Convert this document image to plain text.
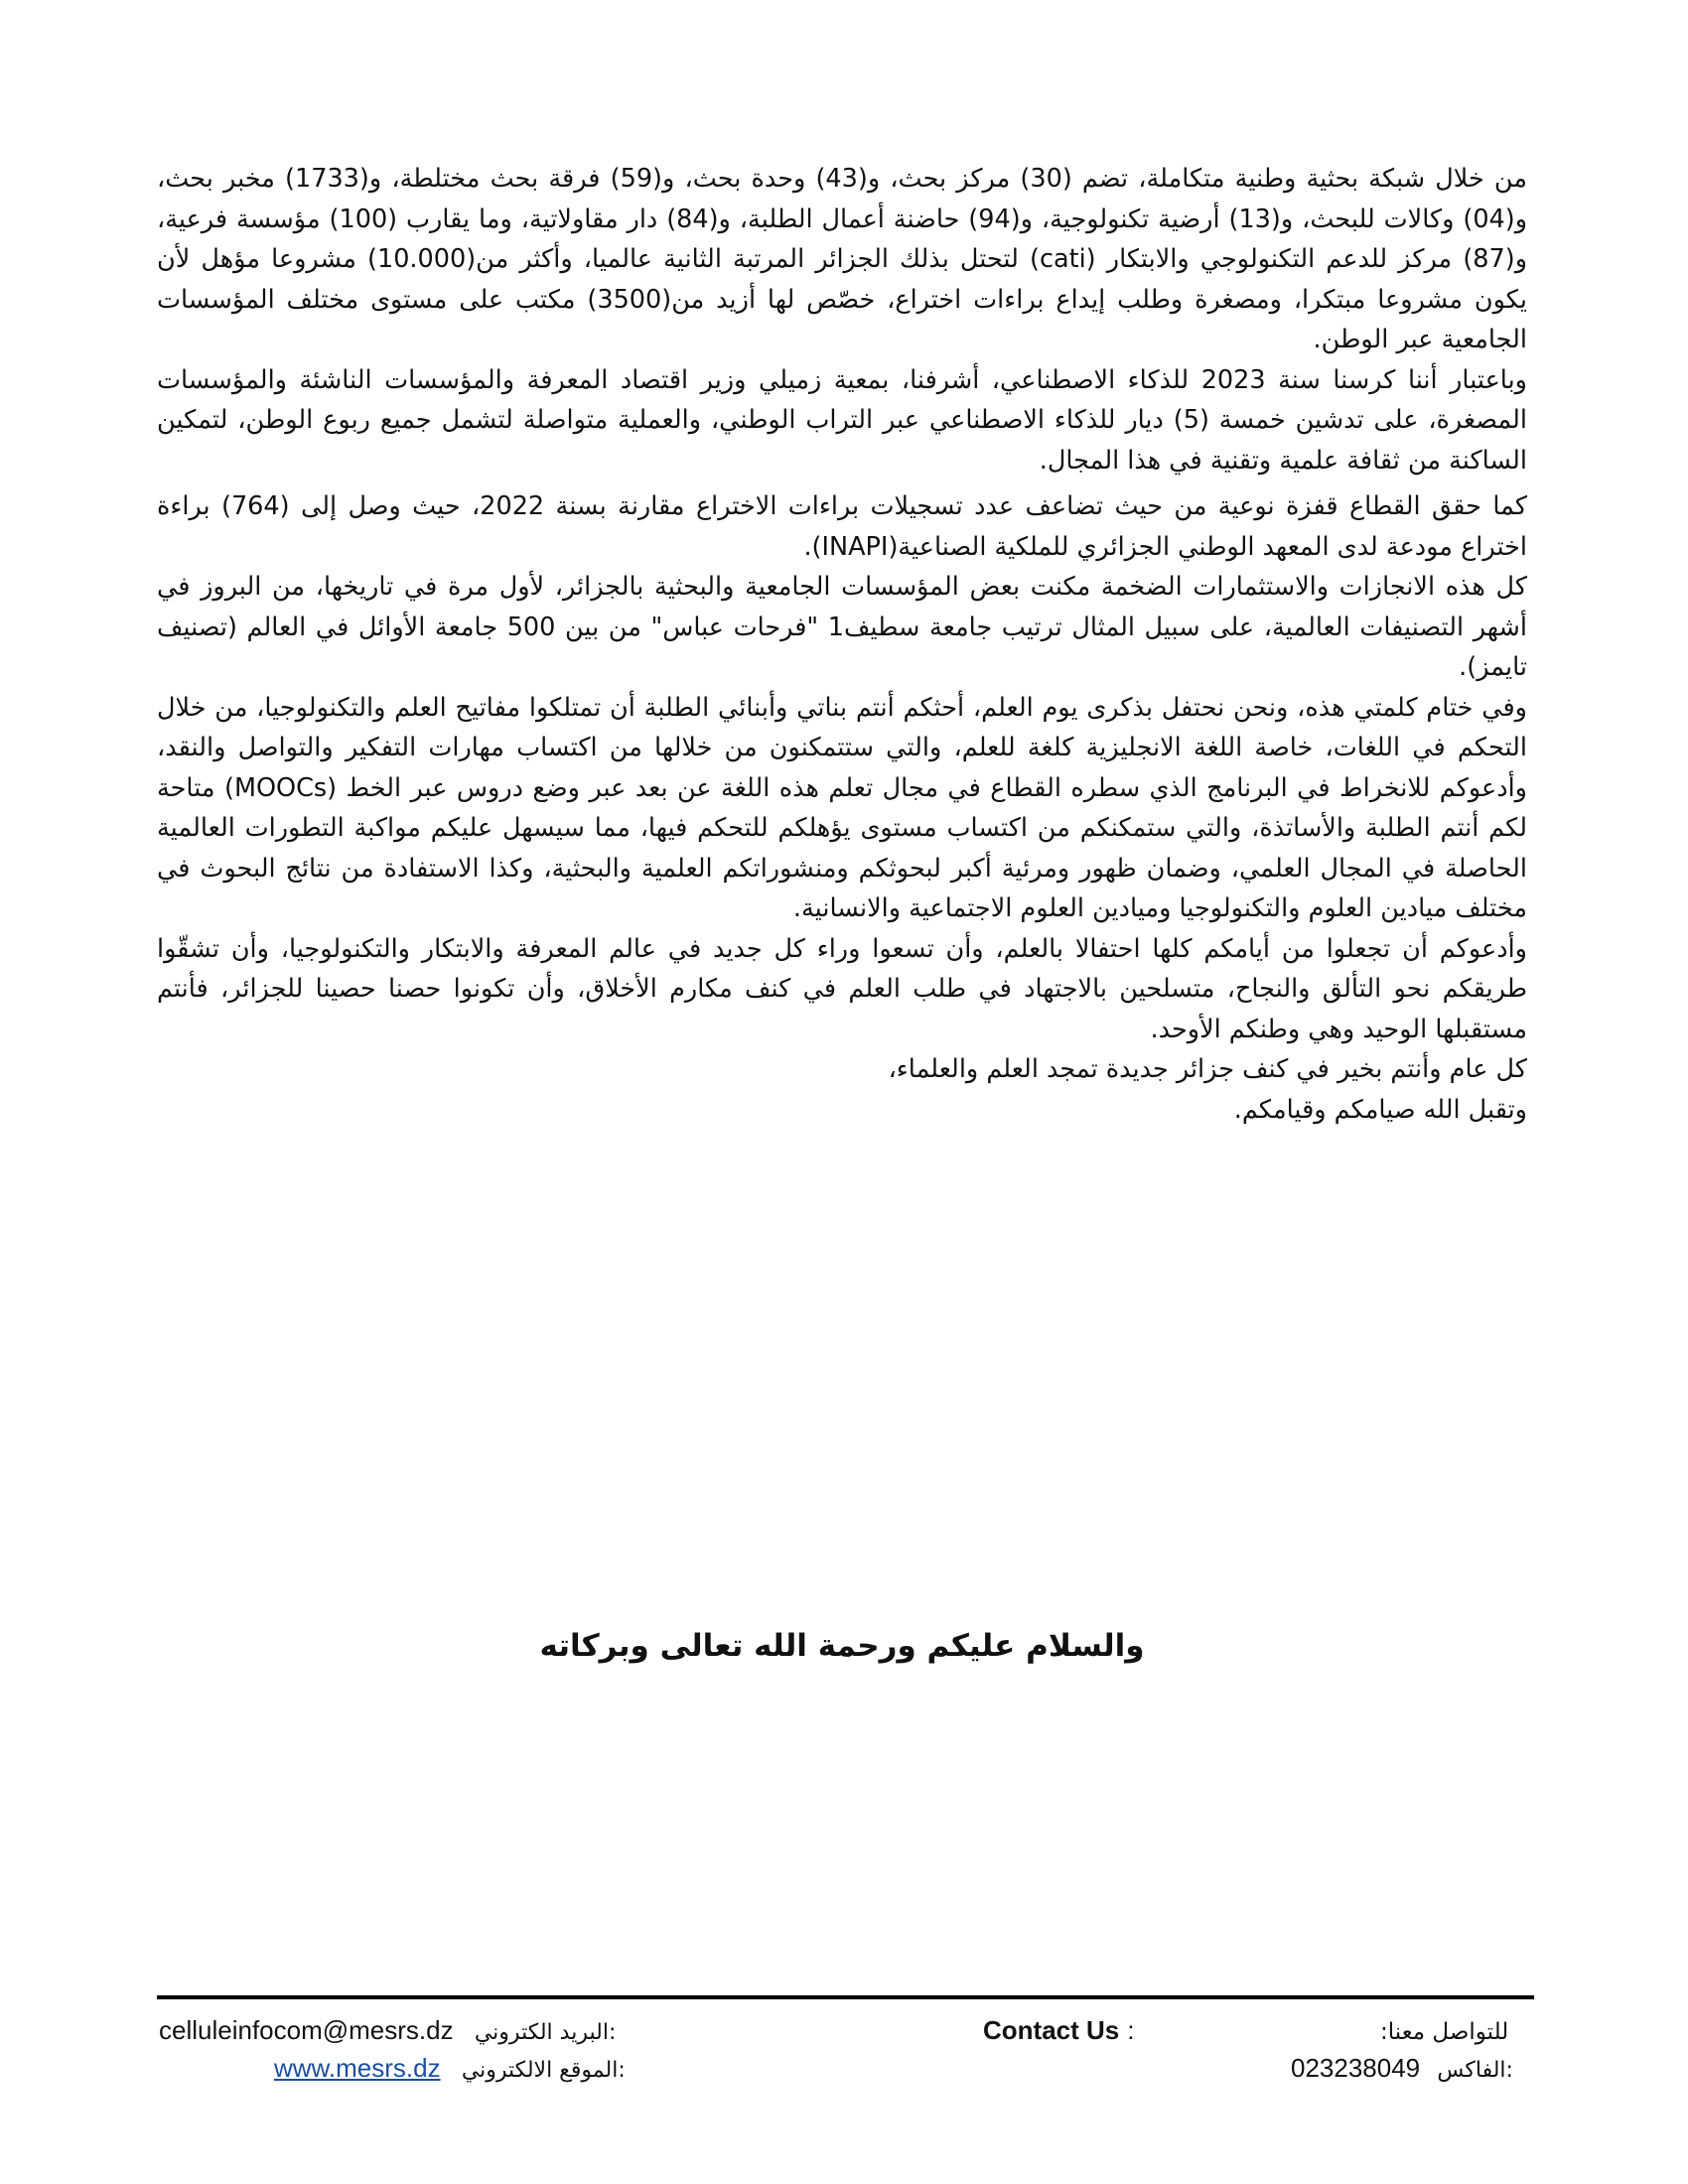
من خلال شبكة بحثية وطنية متكاملة، تضم (30) مركز بحث، و(43) وحدة بحث، و(59) فرقة بحث مختلطة، و(1733) مخبر بحث، و(04) وكالات للبحث، و(13) أرضية تكنولوجية، و(94) حاضنة أعمال الطلبة، و(84) دار مقاولاتية، وما يقارب (100) مؤسسة فرعية، و(87) مركز للدعم التكنولوجي والابتكار (cati) لتحتل بذلك الجزائر المرتبة الثانية عالميا، وأكثر من(10.000) مشروعا مؤهل لأن يكون مشروعا مبتكرا، ومصغرة وطلب إيداع براءات اختراع، خصّص لها أزيد من(3500) مكتب على مستوى مختلف المؤسسات الجامعية عبر الوطن.

وباعتبار أننا كرسنا سنة 2023 للذكاء الاصطناعي، أشرفنا، بمعية زميلي وزير اقتصاد المعرفة والمؤسسات الناشئة والمؤسسات المصغرة، على تدشين خمسة (5) ديار للذكاء الاصطناعي عبر التراب الوطني، والعملية متواصلة لتشمل جميع ربوع الوطن، لتمكين الساكنة من ثقافة علمية وتقنية في هذا المجال.

كما حقق القطاع قفزة نوعية من حيث تضاعف عدد تسجيلات براءات الاختراع مقارنة بسنة 2022، حيث وصل إلى (764) براءة اختراع مودعة لدى المعهد الوطني الجزائري للملكية الصناعية(INAPI).

كل هذه الانجازات والاستثمارات الضخمة مكنت بعض المؤسسات الجامعية والبحثية بالجزائر، لأول مرة في تاريخها، من البروز في أشهر التصنيفات العالمية، على سبيل المثال ترتيب جامعة سطيف1 "فرحات عباس" من بين 500 جامعة الأوائل في العالم (تصنيف تايمز).

وفي ختام كلمتي هذه، ونحن نحتفل بذكرى يوم العلم، أحثكم أنتم بناتي وأبنائي الطلبة أن تمتلكوا مفاتيح العلم والتكنولوجيا، من خلال التحكم في اللغات، خاصة اللغة الانجليزية كلغة للعلم، والتي ستتمكنون من خلالها من اكتساب مهارات التفكير والتواصل والنقد، وأدعوكم للانخراط في البرنامج الذي سطره القطاع في مجال تعلم هذه اللغة عن بعد عبر وضع دروس عبر الخط (MOOCs) متاحة لكم أنتم الطلبة والأساتذة، والتي ستمكنكم من اكتساب مستوى يؤهلكم للتحكم فيها، مما سيسهل عليكم مواكبة التطورات العالمية الحاصلة في المجال العلمي، وضمان ظهور ومرئية أكبر لبحوثكم ومنشوراتكم العلمية والبحثية، وكذا الاستفادة من نتائج البحوث في مختلف ميادين العلوم والتكنولوجيا وميادين العلوم الاجتماعية والانسانية.

وأدعوكم أن تجعلوا من أيامكم كلها احتفالا بالعلم، وأن تسعوا وراء كل جديد في عالم المعرفة والابتكار والتكنولوجيا، وأن تشقّوا طريقكم نحو التألق والنجاح، متسلحين بالاجتهاد في طلب العلم في كنف مكارم الأخلاق، وأن تكونوا حصنا حصينا للجزائر، فأنتم مستقبلها الوحيد وهي وطنكم الأوحد.

كل عام وأنتم بخير في كنف جزائر جديدة تمجد العلم والعلماء،

وتقبل الله صيامكم وقيامكم.

والسلام عليكم ورحمة الله تعالى وبركاته
celluleinfocom@mesrs.dz البريد الكتروني:
www.mesrs.dz الموقع الالكتروني:
Contact Us :	للتواصل معنا:
023238049 الفاكس:
